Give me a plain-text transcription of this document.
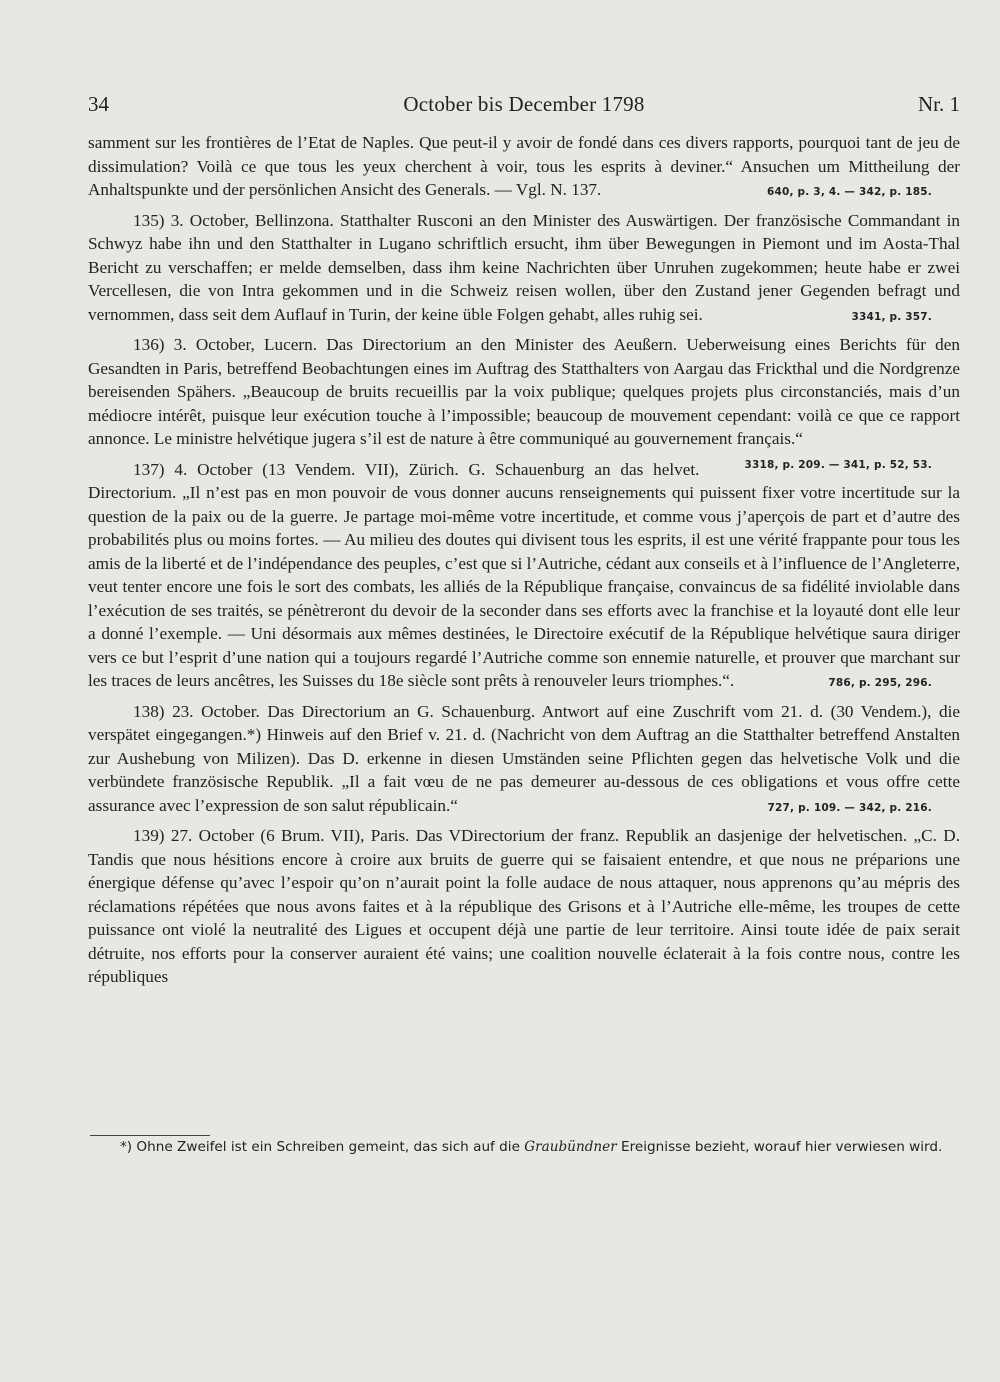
34	October bis December 1798	Nr. 1

samment sur les frontières de l’Etat de Naples. Que peut-il y avoir de fondé dans ces divers rapports, pourquoi tant de jeu de dissimulation? Voilà ce que tous les yeux cherchent à voir, tous les esprits à deviner.“ Ansuchen um Mittheilung der Anhaltspunkte und der persönlichen Ansicht des Generals. — Vgl. N. 137.	640, p. 3, 4. — 342, p. 185.

135) 3. October, Bellinzona. Statthalter Rusconi an den Minister des Auswärtigen. Der französische Commandant in Schwyz habe ihn und den Statthalter in Lugano schriftlich ersucht, ihm über Bewegungen in Piemont und im Aosta-Thal Bericht zu verschaffen; er melde demselben, dass ihm keine Nachrichten über Unruhen zugekommen; heute habe er zwei Vercellesen, die von Intra gekommen und in die Schweiz reisen wollen, über den Zustand jener Gegenden befragt und vernommen, dass seit dem Auflauf in Turin, der keine üble Folgen gehabt, alles ruhig sei.	3341, p. 357.

136) 3. October, Lucern. Das Directorium an den Minister des Aeußern. Ueberweisung eines Berichts für den Gesandten in Paris, betreffend Beobachtungen eines im Auftrag des Statthalters von Aargau das Frickthal und die Nordgrenze bereisenden Spähers. „Beaucoup de bruits recueillis par la voix publique; quelques projets plus circonstanciés, mais d’un médiocre intérêt, puisque leur exécution touche à l’impossible; beaucoup de mouvement cependant: voilà ce que ce rapport annonce. Le ministre helvétique jugera s’il est de nature à être communiqué au gouvernement français.“
3318, p. 209. — 341, p. 52, 53.

137) 4. October (13 Vendem. VII), Zürich. G. Schauenburg an das helvet. Directorium. „Il n’est pas en mon pouvoir de vous donner aucuns renseignements qui puissent fixer votre incertitude sur la question de la paix ou de la guerre. Je partage moi-même votre incertitude, et comme vous j’aperçois de part et d’autre des probabilités plus ou moins fortes. — Au milieu des doutes qui divisent tous les esprits, il est une vérité frappante pour tous les amis de la liberté et de l’indépendance des peuples, c’est que si l’Autriche, cédant aux conseils et à l’influence de l’Angleterre, veut tenter encore une fois le sort des combats, les alliés de la République française, convaincus de sa fidélité inviolable dans l’exécution de ses traités, se pénètreront du devoir de la seconder dans ses efforts avec la franchise et la loyauté dont elle leur a donné l’exemple. — Uni désormais aux mêmes destinées, le Directoire exécutif de la République helvétique saura diriger vers ce but l’esprit d’une nation qui a toujours regardé l’Autriche comme son ennemie naturelle, et prouver que marchant sur les traces de leurs ancêtres, les Suisses du 18e siècle sont prêts à renouveler leurs triomphes.“.	786, p. 295, 296.

138) 23. October. Das Directorium an G. Schauenburg. Antwort auf eine Zuschrift vom 21. d. (30 Vendem.), die verspätet eingegangen.*) Hinweis auf den Brief v. 21. d. (Nachricht von dem Auftrag an die Statthalter betreffend Anstalten zur Aushebung von Milizen). Das D. erkenne in diesen Umständen seine Pflichten gegen das helvetische Volk und die verbündete französische Republik. „Il a fait vœu de ne pas demeurer au-dessous de ces obligations et vous offre cette assurance avec l’expression de son salut républicain.“	727, p. 109. — 342, p. 216.

139) 27. October (6 Brum. VII), Paris. Das VDirectorium der franz. Republik an dasjenige der helvetischen. „C. D. Tandis que nous hésitions encore à croire aux bruits de guerre qui se faisaient entendre, et que nous ne préparions une énergique défense qu’avec l’espoir qu’on n’aurait point la folle audace de nous attaquer, nous apprenons qu’au mépris des réclamations répétées que nous avons faites et à la république des Grisons et à l’Autriche elle-même, les troupes de cette puissance ont violé la neutralité des Ligues et occupent déjà une partie de leur territoire. Ainsi toute idée de paix serait détruite, nos efforts pour la conserver auraient été vains; une coalition nouvelle éclaterait à la fois contre nous, contre les républiques

*) Ohne Zweifel ist ein Schreiben gemeint, das sich auf die Graubündner Ereignisse bezieht, worauf hier verwiesen wird.
